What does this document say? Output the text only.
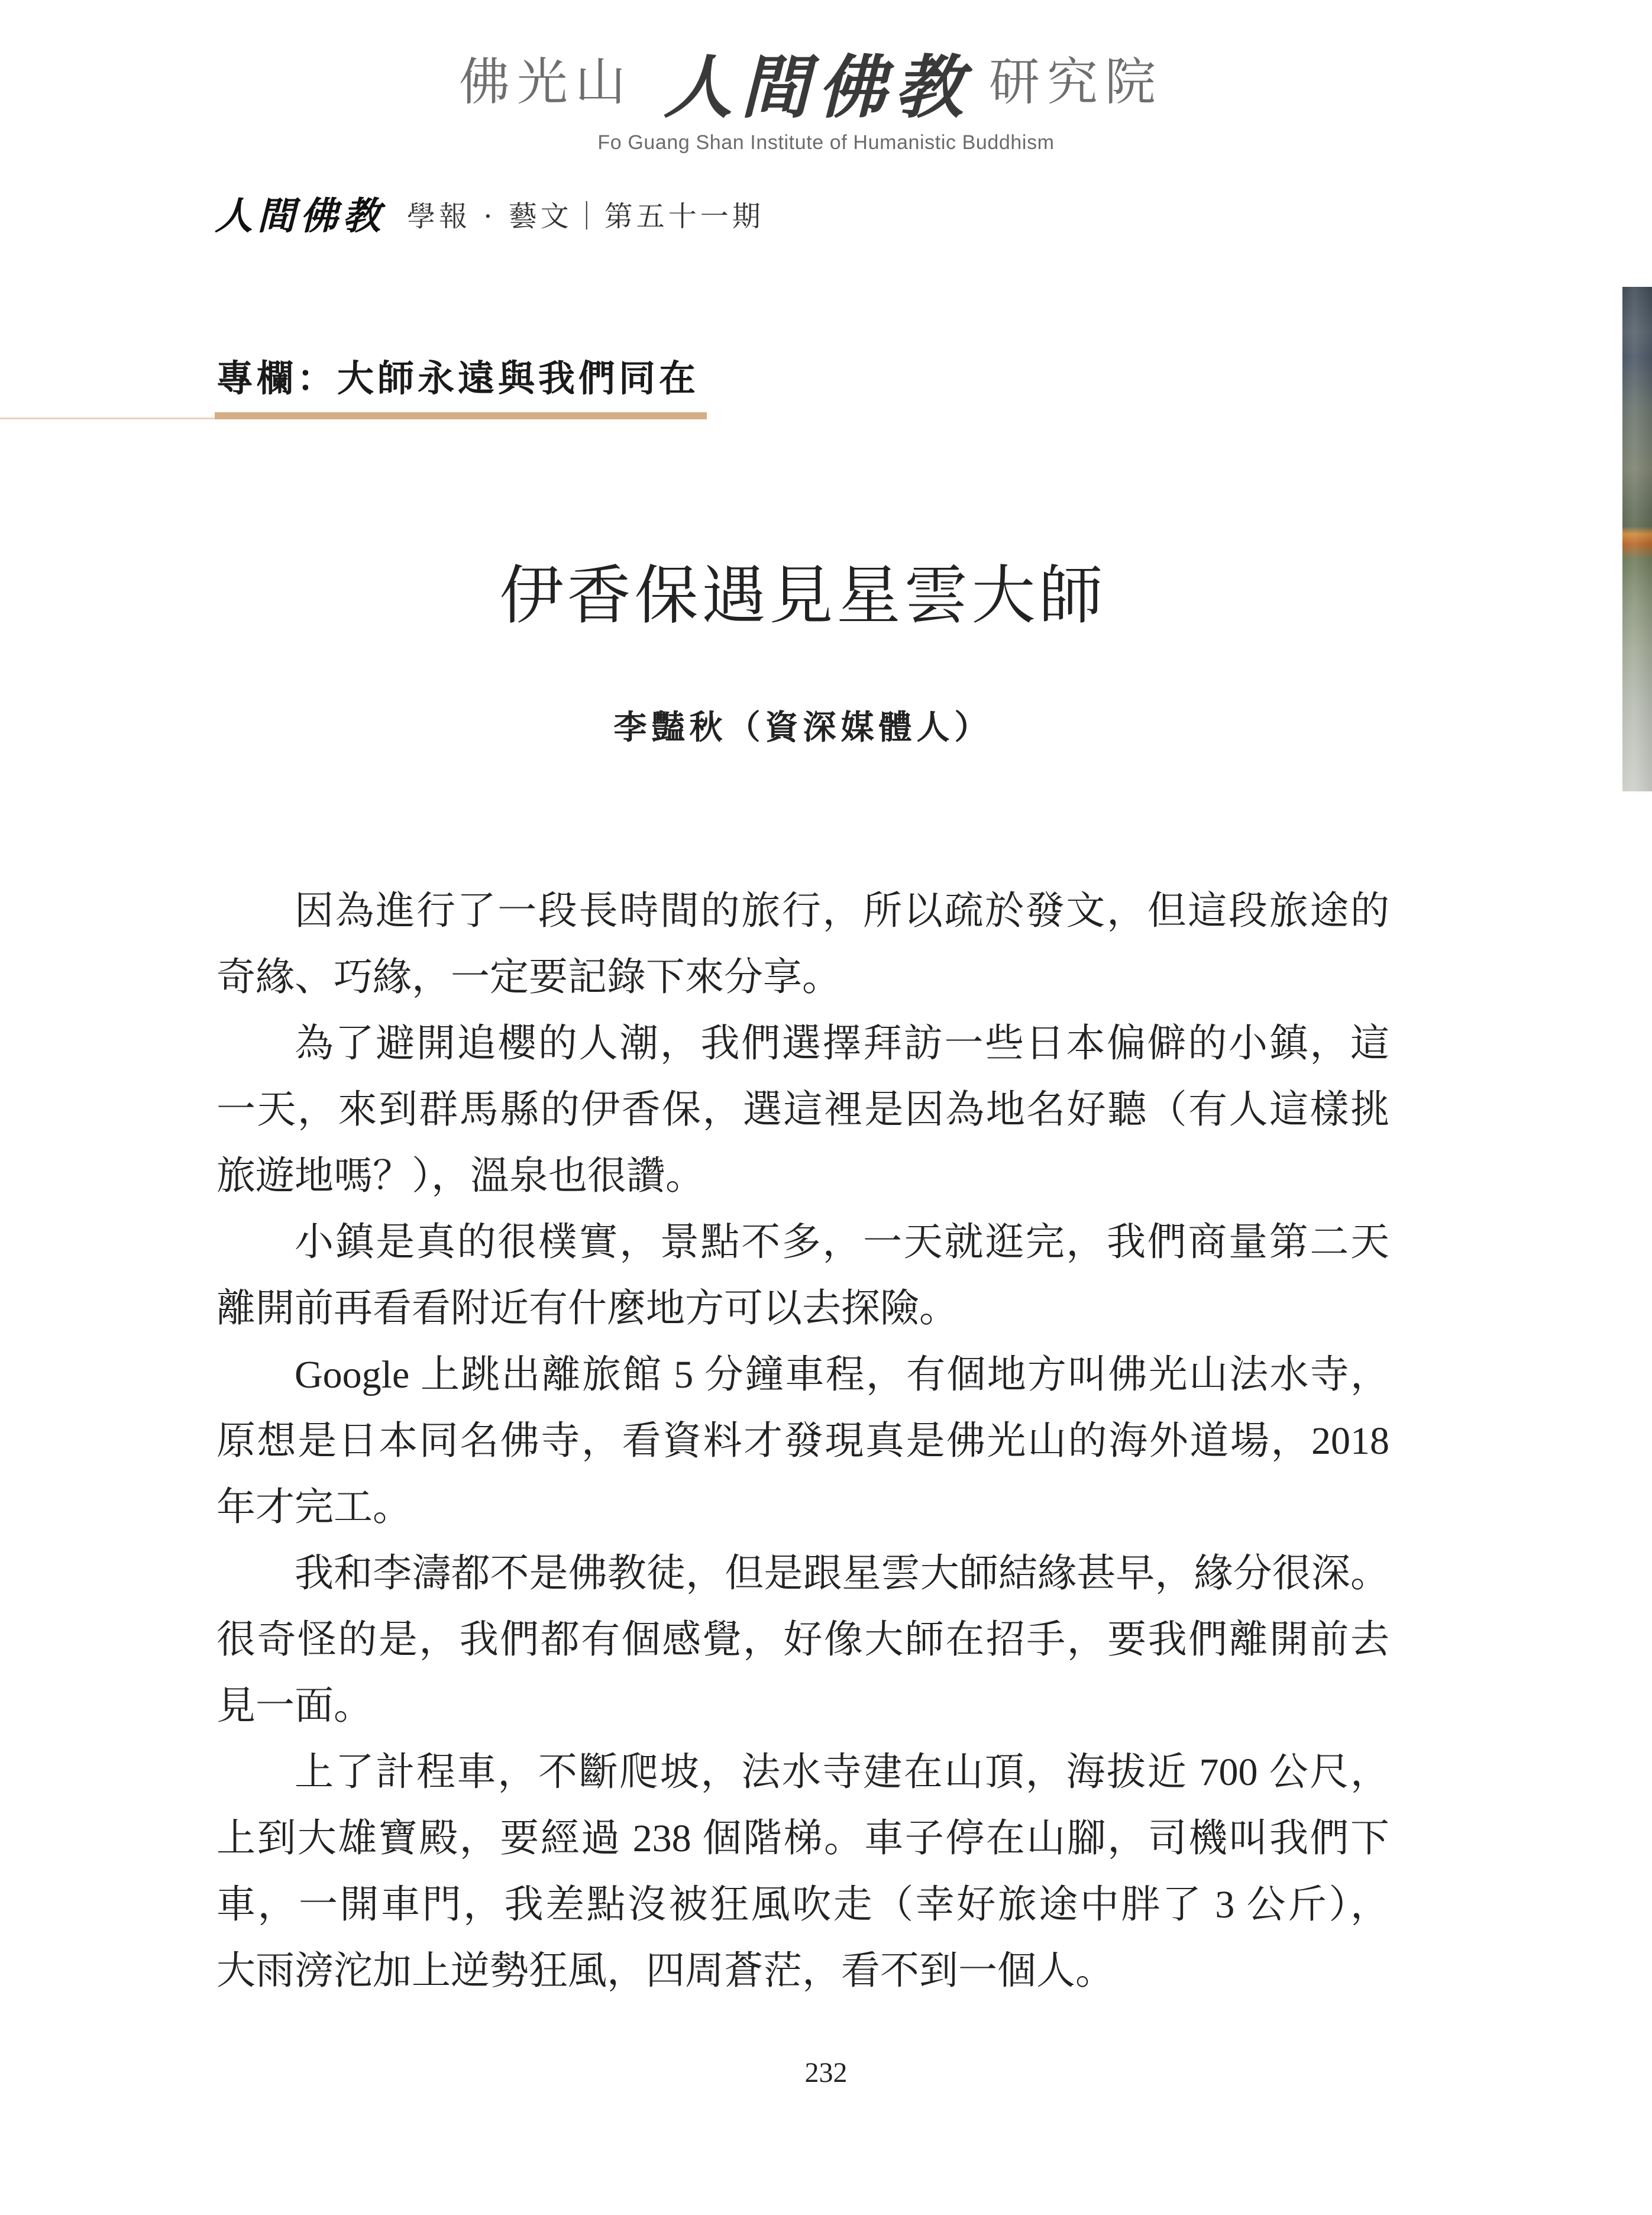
佛光山 人間佛教 研究院
Fo Guang Shan Institute of Humanistic Buddhism
人間佛教 學報 · 藝文｜第五十一期
專欄：大師永遠與我們同在
伊香保遇見星雲大師
李豔秋（資深媒體人）
因為進行了一段長時間的旅行，所以疏於發文，但這段旅途的
奇緣、巧緣，一定要記錄下來分享。
為了避開追櫻的人潮，我們選擇拜訪一些日本偏僻的小鎮，這
一天，來到群馬縣的伊香保，選這裡是因為地名好聽（有人這樣挑
旅遊地嗎？），溫泉也很讚。
小鎮是真的很樸實，景點不多，一天就逛完，我們商量第二天
離開前再看看附近有什麼地方可以去探險。
Google 上跳出離旅館 5 分鐘車程，有個地方叫佛光山法水寺，
原想是日本同名佛寺，看資料才發現真是佛光山的海外道場，2018
年才完工。
我和李濤都不是佛教徒，但是跟星雲大師結緣甚早，緣分很深。
很奇怪的是，我們都有個感覺，好像大師在招手，要我們離開前去
見一面。
上了計程車，不斷爬坡，法水寺建在山頂，海拔近 700 公尺，
上到大雄寶殿，要經過 238 個階梯。車子停在山腳，司機叫我們下
車，一開車門，我差點沒被狂風吹走（幸好旅途中胖了 3 公斤），
大雨滂沱加上逆勢狂風，四周蒼茫，看不到一個人。
232
